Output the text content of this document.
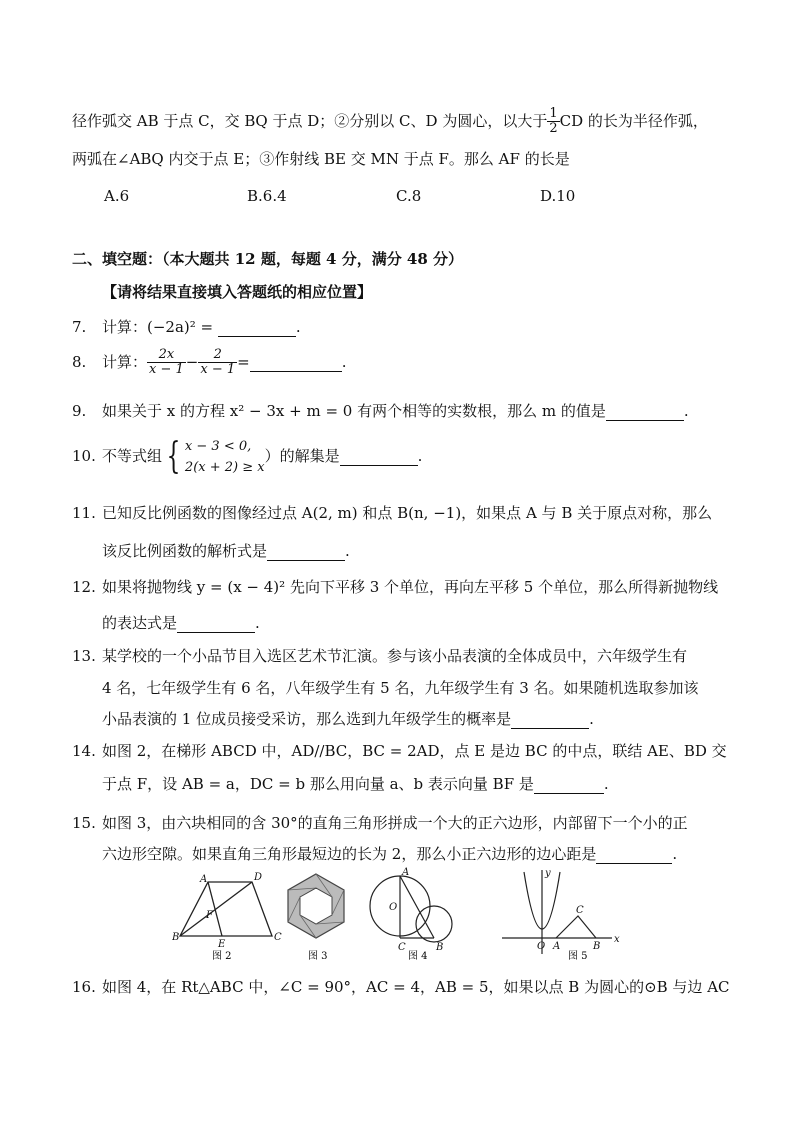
径作弧交 AB 于点 C，交 BQ 于点 D；②分别以 C、D 为圆心，以大于 $\frac{1}{2}$ CD 的长为半径作弧，
两弧在∠ABQ 内交于点 E；③作射线 BE 交 MN 于点 F。那么 AF 的长是
A.6	B.6.4	C.8	D.10
二、填空题：（本大题共 12 题，每题 4 分，满分 48 分）
【请将结果直接填入答题纸的相应位置】
7. 计算：(−2a)² =	.
8. 计算： $\frac{2x}{x - 1} - \frac{2}{x - 1}$ =	.
9. 如果关于 x 的方程 x² − 3x + m = 0 有两个相等的实数根，那么 m 的值是	.
10. 不等式组 { x − 3 < 0,
2(x + 2) ≥ x
）的解集是	.
11. 已知反比例函数的图像经过点 A(2, m) 和点 B(n, −1)，如果点 A 与 B 关于原点对称，那么
该反比例函数的解析式是	.
12. 如果将抛物线 y = (x − 4)² 先向下平移 3 个单位，再向左平移 5 个单位，那么所得新抛物线
的表达式是	.
13. 某学校的一个小品节目入选区艺术节汇演。参与该小品表演的全体成员中，六年级学生有
4 名，七年级学生有 6 名，八年级学生有 5 名，九年级学生有 3 名。如果随机选取参加该
小品表演的 1 位成员接受采访，那么选到九年级学生的概率是	.
14. 如图 2，在梯形 ABCD 中，AD//BC，BC = 2AD，点 E 是边 BC 的中点，联结 AE、BD 交
于点 F，设 AB = a，DC = b 那么用向量 a、b 表示向量 BF 是	.
15. 如图 3，由六块相同的含 30°的直角三角形拼成一个大的正六边形，内部留下一个小的正
六边形空隙。如果直角三角形最短边的长为 2，那么小正六边形的边心距是	.
A	D
F
B
E
C
图 2	图 3
A
O
C	B
图 4
y
x
O A	B
C
图 5
16. 如图 4，在 Rt△ABC 中，∠C = 90°，AC = 4，AB = 5，如果以点 B 为圆心的⊙B 与边 AC
